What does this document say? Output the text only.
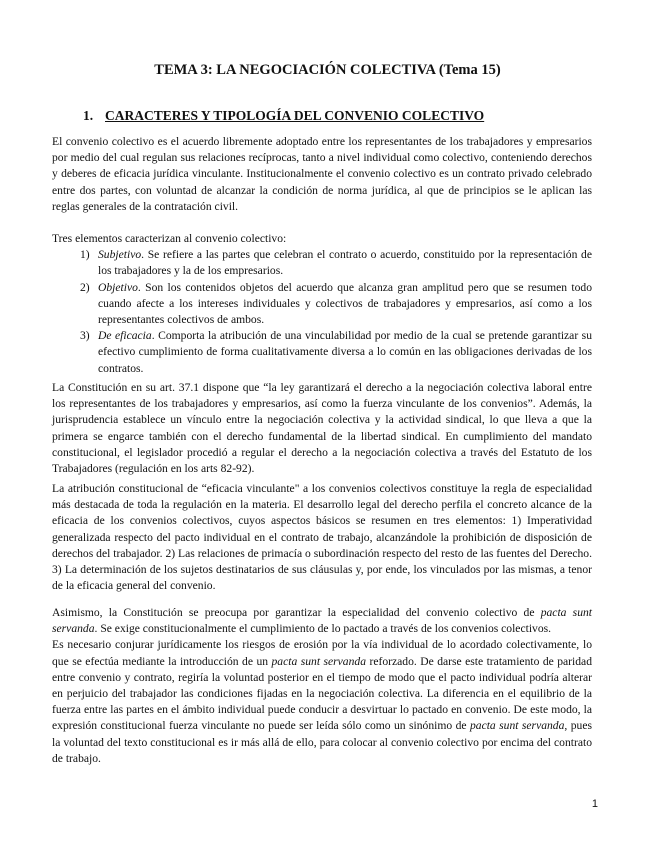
TEMA 3: LA NEGOCIACIÓN COLECTIVA (Tema 15)
1. CARACTERES Y TIPOLOGÍA DEL CONVENIO COLECTIVO

El convenio colectivo es el acuerdo libremente adoptado entre los representantes de los trabajadores y empresarios por medio del cual regulan sus relaciones recíprocas, tanto a nivel individual como colectivo, conteniendo derechos y deberes de eficacia jurídica vinculante. Institucionalmente el convenio colectivo es un contrato privado celebrado entre dos partes, con voluntad de alcanzar la condición de norma jurídica, al que de principios se le aplican las reglas generales de la contratación civil.

Tres elementos caracterizan al convenio colectivo:

1) Subjetivo. Se refiere a las partes que celebran el contrato o acuerdo, constituido por la representación de los trabajadores y la de los empresarios.
2) Objetivo. Son los contenidos objetos del acuerdo que alcanza gran amplitud pero que se resumen todo cuando afecte a los intereses individuales y colectivos de trabajadores y empresarios, así como a los representantes colectivos de ambos.
3) De eficacia. Comporta la atribución de una vinculabilidad por medio de la cual se pretende garantizar su efectivo cumplimiento de forma cualitativamente diversa a lo común en las obligaciones derivadas de los contratos.

La Constitución en su art. 37.1 dispone que “la ley garantizará el derecho a la negociación colectiva laboral entre los representantes de los trabajadores y empresarios, así como la fuerza vinculante de los convenios”. Además, la jurisprudencia establece un vínculo entre la negociación colectiva y la actividad sindical, lo que lleva a que la primera se engarce también con el derecho fundamental de la libertad sindical. En cumplimiento del mandato constitucional, el legislador procedió a regular el derecho a la negociación colectiva a través del Estatuto de los Trabajadores (regulación en los arts 82-92).

La atribución constitucional de “eficacia vinculante" a los convenios colectivos constituye la regla de especialidad más destacada de toda la regulación en la materia. El desarrollo legal del derecho perfila el concreto alcance de la eficacia de los convenios colectivos, cuyos aspectos básicos se resumen en tres elementos: 1) Imperatividad generalizada respecto del pacto individual en el contrato de trabajo, alcanzándole la prohibición de disposición de derechos del trabajador. 2) Las relaciones de primacía o subordinación respecto del resto de las fuentes del Derecho. 3) La determinación de los sujetos destinatarios de sus cláusulas y, por ende, los vinculados por las mismas, a tenor de la eficacia general del convenio.

Asimismo, la Constitución se preocupa por garantizar la especialidad del convenio colectivo de pacta sunt servanda. Se exige constitucionalmente el cumplimiento de lo pactado a través de los convenios colectivos.

Es necesario conjurar jurídicamente los riesgos de erosión por la vía individual de lo acordado colectivamente, lo que se efectúa mediante la introducción de un pacta sunt servanda reforzado. De darse este tratamiento de paridad entre convenio y contrato, regiría la voluntad posterior en el tiempo de modo que el pacto individual podría alterar en perjuicio del trabajador las condiciones fijadas en la negociación colectiva. La diferencia en el equilibrio de la fuerza entre las partes en el ámbito individual puede conducir a desvirtuar lo pactado en convenio. De este modo, la expresión constitucional fuerza vinculante no puede ser leída sólo como un sinónimo de pacta sunt servanda, pues la voluntad del texto constitucional es ir más allá de ello, para colocar al convenio colectivo por encima del contrato de trabajo.

1
